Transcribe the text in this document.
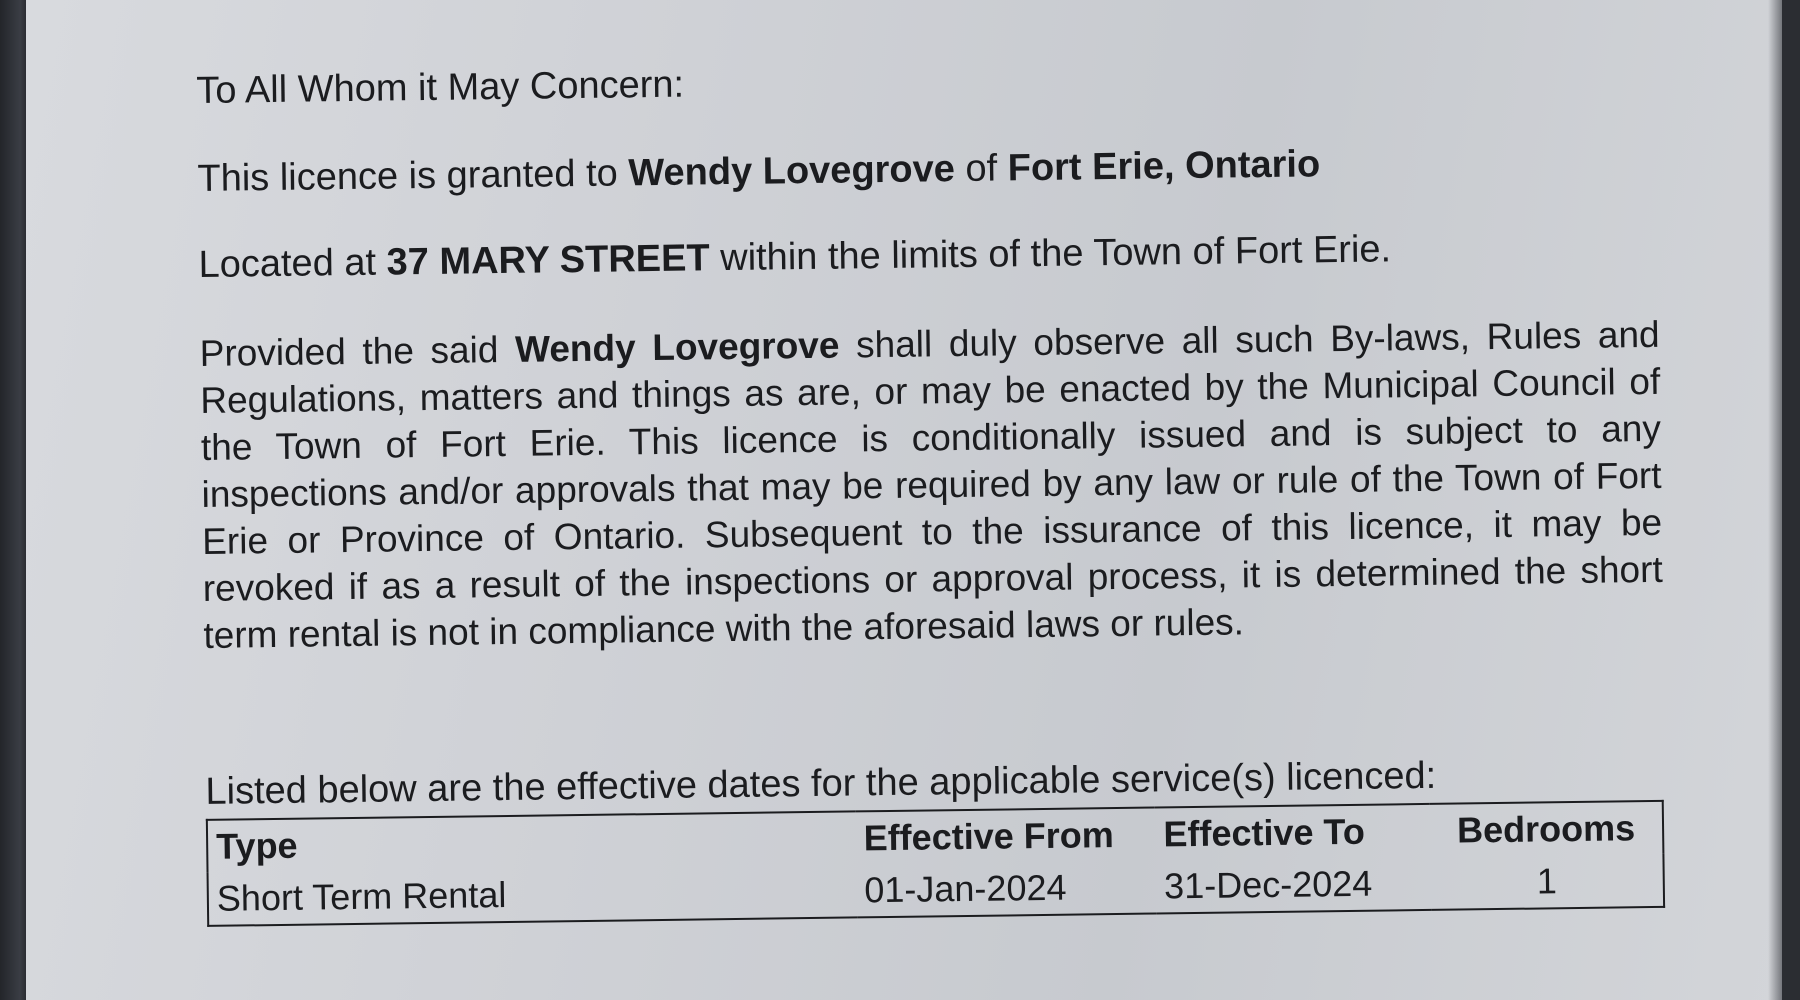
To All Whom it May Concern:

This licence is granted to Wendy Lovegrove of Fort Erie, Ontario

Located at 37 MARY STREET within the limits of the Town of Fort Erie.

Provided the said Wendy Lovegrove shall duly observe all such By-laws, Rules and Regulations, matters and things as are, or may be enacted by the Municipal Council of the Town of Fort Erie. This licence is conditionally issued and is subject to any inspections and/or approvals that may be required by any law or rule of the Town of Fort Erie or Province of Ontario. Subsequent to the issurance of this licence, it may be revoked if as a result of the inspections or approval process, it is determined the short term rental is not in compliance with the aforesaid laws or rules.

Listed below are the effective dates for the applicable service(s) licenced:

Type	Effective From	Effective To	Bedrooms
Short Term Rental	01-Jan-2024	31-Dec-2024	1
